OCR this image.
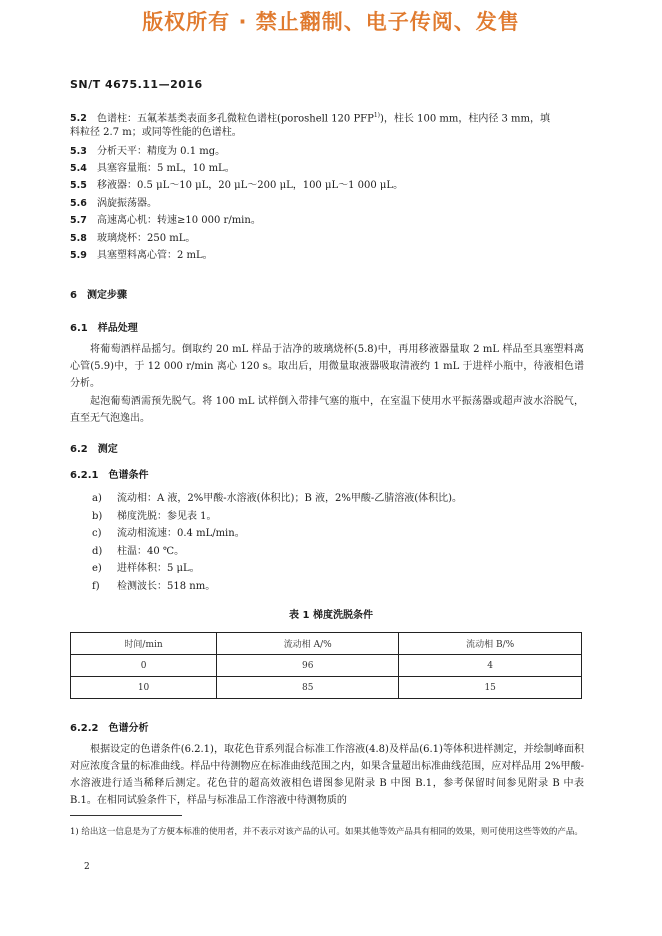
版权所有 · 禁止翻制、电子传阅、发售
SN/T 4675.11—2016
5.2 色谱柱：五氟苯基类表面多孔微粒色谱柱(poroshell 120 PFP$^{1)}$)，柱长 100 mm，柱内径 3 mm，填
料粒径 2.7 m；或同等性能的色谱柱。
5.3 分析天平：精度为 0.1 mg。
5.4 具塞容量瓶：5 mL，10 mL。
5.5 移液器：0.5 μL～10 μL，20 μL～200 μL，100 μL～1 000 μL。
5.6 涡旋振荡器。
5.7 高速离心机：转速≥10 000 r/min。
5.8 玻璃烧杯：250 mL。
5.9 具塞塑料离心管：2 mL。
6 测定步骤
6.1 样品处理
将葡萄酒样品摇匀。倒取约 20 mL 样品于洁净的玻璃烧杯(5.8)中，再用移液器量取 2 mL 样品至具塞塑料离心管(5.9)中，于 12 000 r/min 离心 120 s。取出后，用微量取液器吸取清液约 1 mL 于进样小瓶中，待液相色谱分析。
起泡葡萄酒需预先脱气。将 100 mL 试样倒入带排气塞的瓶中，在室温下使用水平振荡器或超声波水浴脱气，直至无气泡逸出。
6.2 测定
6.2.1 色谱条件
a) 流动相：A 液，2%甲酸-水溶液(体积比)；B 液，2%甲酸-乙腈溶液(体积比)。
b) 梯度洗脱：参见表 1。
c) 流动相流速：0.4 mL/min。
d) 柱温：40 ℃。
e) 进样体积：5 μL。
f) 检测波长：518 nm。
表 1 梯度洗脱条件
时间/min	流动相 A/%	流动相 B/%
0	96	4
10	85	15
6.2.2 色谱分析
根据设定的色谱条件(6.2.1)，取花色苷系列混合标准工作溶液(4.8)及样品(6.1)等体积进样测定，并绘制峰面积对应浓度含量的标准曲线。样品中待测物应在标准曲线范围之内，如果含量超出标准曲线范围，应对样品用 2%甲酸-水溶液进行适当稀释后测定。花色苷的超高效液相色谱图参见附录 B 中图 B.1，参考保留时间参见附录 B 中表 B.1。在相同试验条件下，样品与标准品工作溶液中待测物质的
1) 给出这一信息是为了方便本标准的使用者，并不表示对该产品的认可。如果其他等效产品具有相同的效果，则可使用这些等效的产品。
2
